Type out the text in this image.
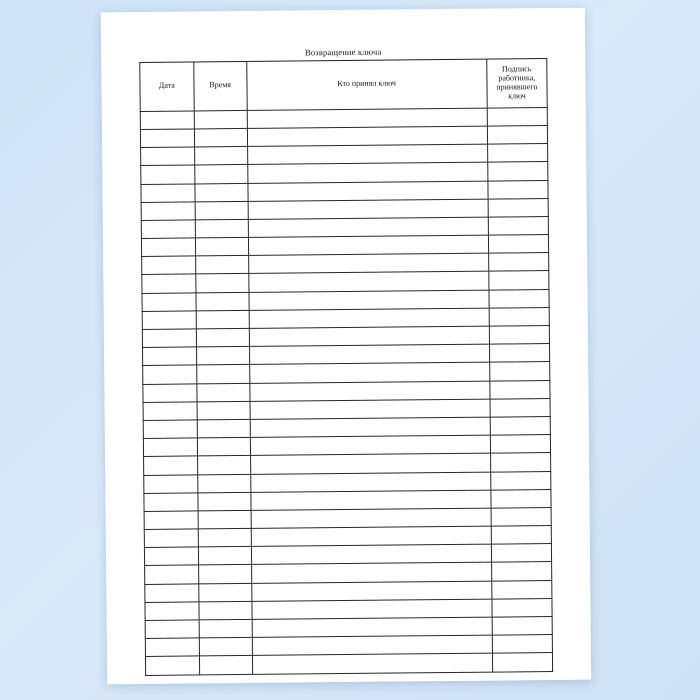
Возвращение ключа
Дата	Время	Кто принял ключ	Подпись работника, принявшего ключ
